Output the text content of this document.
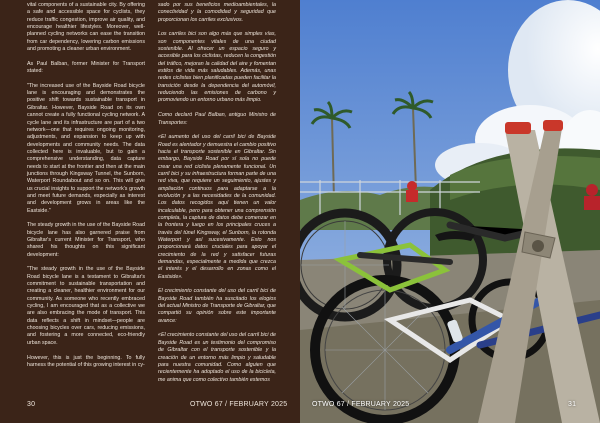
vital components of a sustainable city. By offering a safe and accessible space for cyclists, they reduce traffic congestion, improve air quality, and encourage healthier lifestyles. Moreover, well-planned cycling networks can ease the transition from car dependency, lowering carbon emissions and promoting a cleaner urban environment.

As Paul Balban, former Minister for Transport stated:

"The increased use of the Bayside Road bicycle lane is encouraging and demonstrates the positive shift towards sustainable transport in Gibraltar. However, Bayside Road on its own cannot create a fully functional cycling network. A cycle lane and its infrastructure are part of a two network—one that requires ongoing monitoring, adjustments, and expansion to keep up with developments and community needs. The data collected here is invaluable, but to gain a comprehensive understanding, data capture needs to start at the frontier and then at the main junctions through Kingsway Tunnel, the Sunborn, Waterport Roundabout and so on. This will give us crucial insights to support the network's growth and meet future demands, especially as interest and development grows in areas like the Eastside."

The steady growth in the use of the Bayside Road bicycle lane has also garnered praise from Gibraltar's current Minister for Transport, who shared his thoughts on this significant development:

"The steady growth in the use of the Bayside Road bicycle lane is a testament to Gibraltar's commitment to sustainable transportation and creating a cleaner, healthier environment for our community. As someone who recently embraced cycling, I am encouraged that as a collective we are also embracing the mode of transport. This data reflects a shift in mindset—people are choosing bicycles over cars, reducing emissions, and fostering a more connected, eco-friendly urban space.

However, this is just the beginning. To fully harness the potential of this growing interest in cy-

sado por sus beneficios medioambientales, la conectividad y la comodidad y seguridad que proporcionan los carriles exclusivos.

Los carriles bici son algo más que simples vías, son componentes vitales de una ciudad sostenible. Al ofrecer un espacio seguro y accesible para los ciclistas, reducen la congestión del tráfico, mejoran la calidad del aire y fomentan estilos de vida más saludables. Además, unas redes ciclistas bien planificadas pueden facilitar la transición desde la dependencia del automóvil, reduciendo las emisiones de carbono y promoviendo un entorno urbano más limpio.

Como declaró Paul Balban, antiguo Ministro de Transportes:

«El aumento del uso del carril bici de Bayside Road es alentador y demuestra el cambio positivo hacia el transporte sostenible en Gibraltar. Sin embargo, Bayside Road por sí sola no puede crear una red ciclista plenamente funcional. Un carril bici y su infraestructura forman parte de una red viva, que requiere un seguimiento, ajustes y ampliación continuos para adaptarse a la evolución y a las necesidades de la comunidad. Los datos recogidos aquí tienen un valor incalculable, pero para obtener una comprensión completa, la captura de datos debe comenzar en la frontera y luego en los principales cruces a través del túnel Kingsway, el Sunborn, la rotonda Waterport y así sucesivamente. Esto nos proporcionará datos cruciales para apoyar el crecimiento de la red y satisfacer futuras demandas, especialmente a medida que crezca el interés y el desarrollo en zonas como el Eastside».

El crecimiento constante del uso del carril bici de Bayside Road también ha suscitado los elogios del actual Ministro de Transporte de Gibraltar, que compartió su opinión sobre este importante avance:

«El crecimiento constante del uso del carril bici de Bayside Road es un testimonio del compromiso de Gibraltar con el transporte sostenible y la creación de un entorno más limpio y saludable para nuestra comunidad. Como alguien que recientemente ha adoptado el uso de la bicicleta, me anima que como colectivo también estemos

30	OTWO 67 / FEBRUARY 2025	OTWO 67 / FEBRUARY 2025	31
